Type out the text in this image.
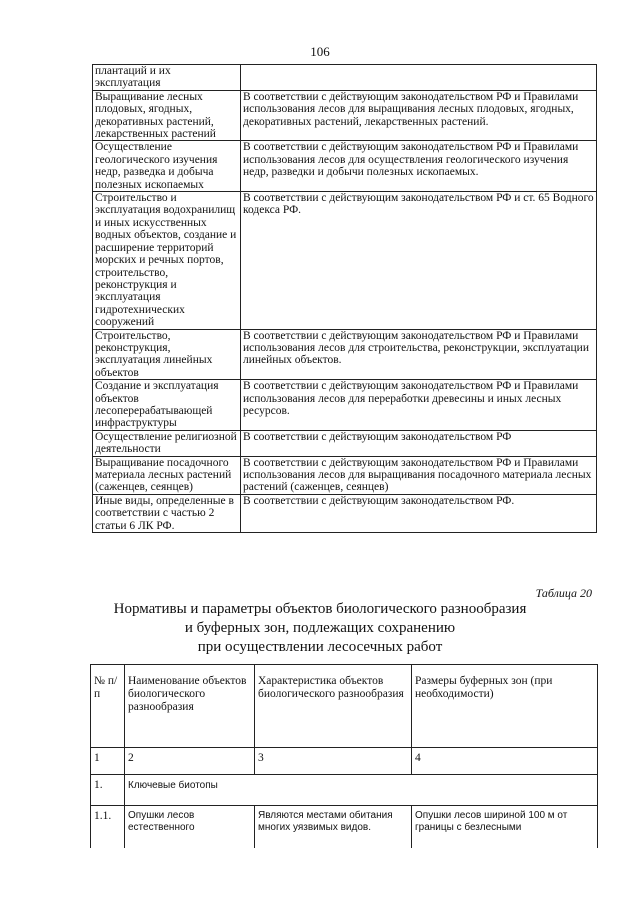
106
плантаций и их эксплуатация	
Выращивание лесных плодовых, ягодных, декоративных растений, лекарственных растений	В соответствии с действующим законодательством РФ и Правилами использования лесов для выращивания лесных плодовых, ягодных, декоративных растений, лекарственных растений.
Осуществление геологического изучения недр, разведка и добыча полезных ископаемых	В соответствии с действующим законодательством РФ и Правилами использования лесов для осуществления геологического изучения недр, разведки и добычи полезных ископаемых.
Строительство и эксплуатация водохранилищ и иных искусственных водных объектов, создание и расширение территорий морских и речных портов, строительство, реконструкция и эксплуатация гидротехнических сооружений	В соответствии с действующим законодательством РФ и ст. 65 Водного кодекса РФ.
Строительство, реконструкция, эксплуатация линейных объектов	В соответствии с действующим законодательством РФ и Правилами использования лесов для строительства, реконструкции, эксплуатации линейных объектов.
Создание и эксплуатация объектов лесоперерабатывающей инфраструктуры	В соответствии с действующим законодательством РФ и Правилами использования лесов для переработки древесины и иных лесных ресурсов.
Осуществление религиозной деятельности	В соответствии с действующим законодательством РФ
Выращивание посадочного материала лесных растений (саженцев, сеянцев)	В соответствии с действующим законодательством РФ и Правилами использования лесов для выращивания посадочного материала лесных растений (саженцев, сеянцев)
Иные виды, определенные в соответствии с частью 2 статьи 6 ЛК РФ.	В соответствии с действующим законодательством РФ.
Таблица 20
Нормативы и параметры объектов биологического разнообразия
и буферных зон, подлежащих сохранению
при осуществлении лесосечных работ
№ п/п	Наименование объектов биологического разнообразия	Характеристика объектов биологического разнообразия	Размеры буферных зон (при необходимости)
1	2	3	4
1.	Ключевые биотопы		
1.1.	Опушки лесов естественного	Являются местами обитания многих уязвимых видов.	Опушки лесов шириной 100 м от границы с безлесными
